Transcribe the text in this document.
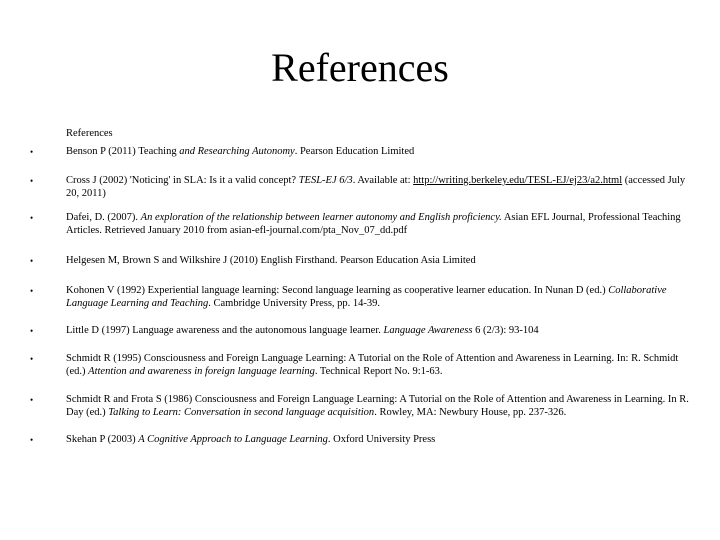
References
References
•	Benson P (2011) Teaching and Researching Autonomy. Pearson Education Limited
•	Cross J (2002) 'Noticing' in SLA: Is it a valid concept? TESL-EJ 6/3. Available at: http://writing.berkeley.edu/TESL-EJ/ej23/a2.html (accessed July 20, 2011)
•	Dafei, D. (2007). An exploration of the relationship between learner autonomy and English proficiency. Asian EFL Journal, Professional Teaching Articles. Retrieved January 2010 from asian-efl-journal.com/pta_Nov_07_dd.pdf
•	Helgesen M, Brown S and Wilkshire J (2010) English Firsthand. Pearson Education Asia Limited
•	Kohonen V (1992) Experiential language learning: Second language learning as cooperative learner education. In Nunan D (ed.) Collaborative Language Learning and Teaching. Cambridge University Press, pp. 14-39.
•	Little D (1997) Language awareness and the autonomous language learner. Language Awareness 6 (2/3): 93-104
•	Schmidt R (1995) Consciousness and Foreign Language Learning: A Tutorial on the Role of Attention and Awareness in Learning. In: R. Schmidt (ed.) Attention and awareness in foreign language learning. Technical Report No. 9:1-63.
•	Schmidt R and Frota S (1986) Consciousness and Foreign Language Learning: A Tutorial on the Role of Attention and Awareness in Learning. In R. Day (ed.) Talking to Learn: Conversation in second language acquisition. Rowley, MA: Newbury House, pp. 237-326.
•	Skehan P (2003) A Cognitive Approach to Language Learning. Oxford University Press
